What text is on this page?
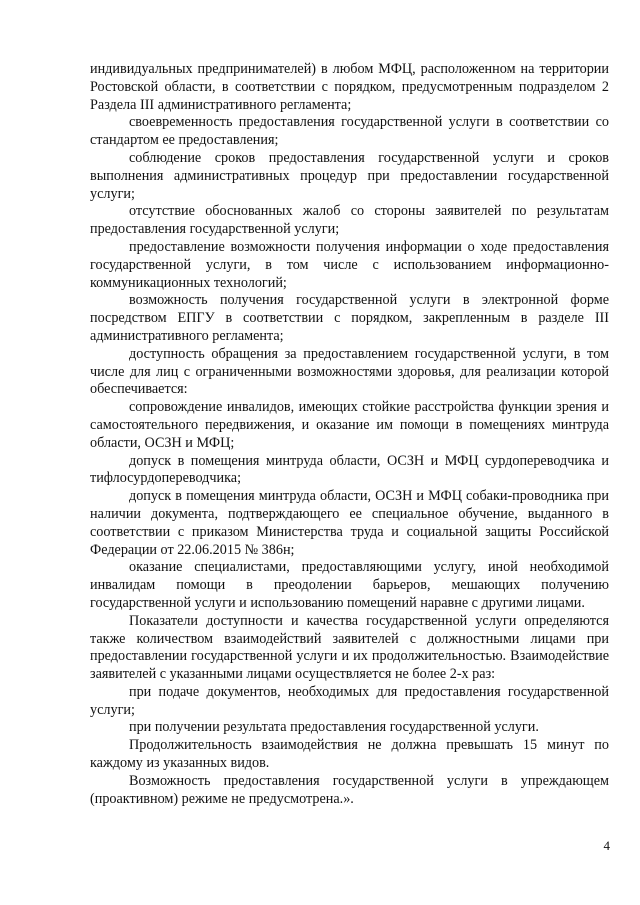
индивидуальных предпринимателей) в любом МФЦ, расположенном на территории Ростовской области, в соответствии с порядком, предусмотренным подразделом 2 Раздела III административного регламента;

своевременность предоставления государственной услуги в соответствии со стандартом ее предоставления;

соблюдение сроков предоставления государственной услуги и сроков выполнения административных процедур при предоставлении государственной услуги;

отсутствие обоснованных жалоб со стороны заявителей по результатам предоставления государственной услуги;

предоставление возможности получения информации о ходе предоставления государственной услуги, в том числе с использованием информационно-коммуникационных технологий;

возможность получения государственной услуги в электронной форме посредством ЕПГУ в соответствии с порядком, закрепленным в разделе III административного регламента;

доступность обращения за предоставлением государственной услуги, в том числе для лиц с ограниченными возможностями здоровья, для реализации которой обеспечивается:

сопровождение инвалидов, имеющих стойкие расстройства функции зрения и самостоятельного передвижения, и оказание им помощи в помещениях минтруда области, ОСЗН и МФЦ;

допуск в помещения минтруда области, ОСЗН и МФЦ сурдопереводчика и тифлосурдопереводчика;

допуск в помещения минтруда области, ОСЗН и МФЦ собаки-проводника при наличии документа, подтверждающего ее специальное обучение, выданного в соответствии с приказом Министерства труда и социальной защиты Российской Федерации от 22.06.2015 № 386н;

оказание специалистами, предоставляющими услугу, иной необходимой инвалидам помощи в преодолении барьеров, мешающих получению государственной услуги и использованию помещений наравне с другими лицами.

Показатели доступности и качества государственной услуги определяются также количеством взаимодействий заявителей с должностными лицами при предоставлении государственной услуги и их продолжительностью. Взаимодействие заявителей с указанными лицами осуществляется не более 2-х раз:

при подаче документов, необходимых для предоставления государственной услуги;

при получении результата предоставления государственной услуги.

Продолжительность взаимодействия не должна превышать 15 минут по каждому из указанных видов.

Возможность предоставления государственной услуги в упреждающем (проактивном) режиме не предусмотрена.».

4
